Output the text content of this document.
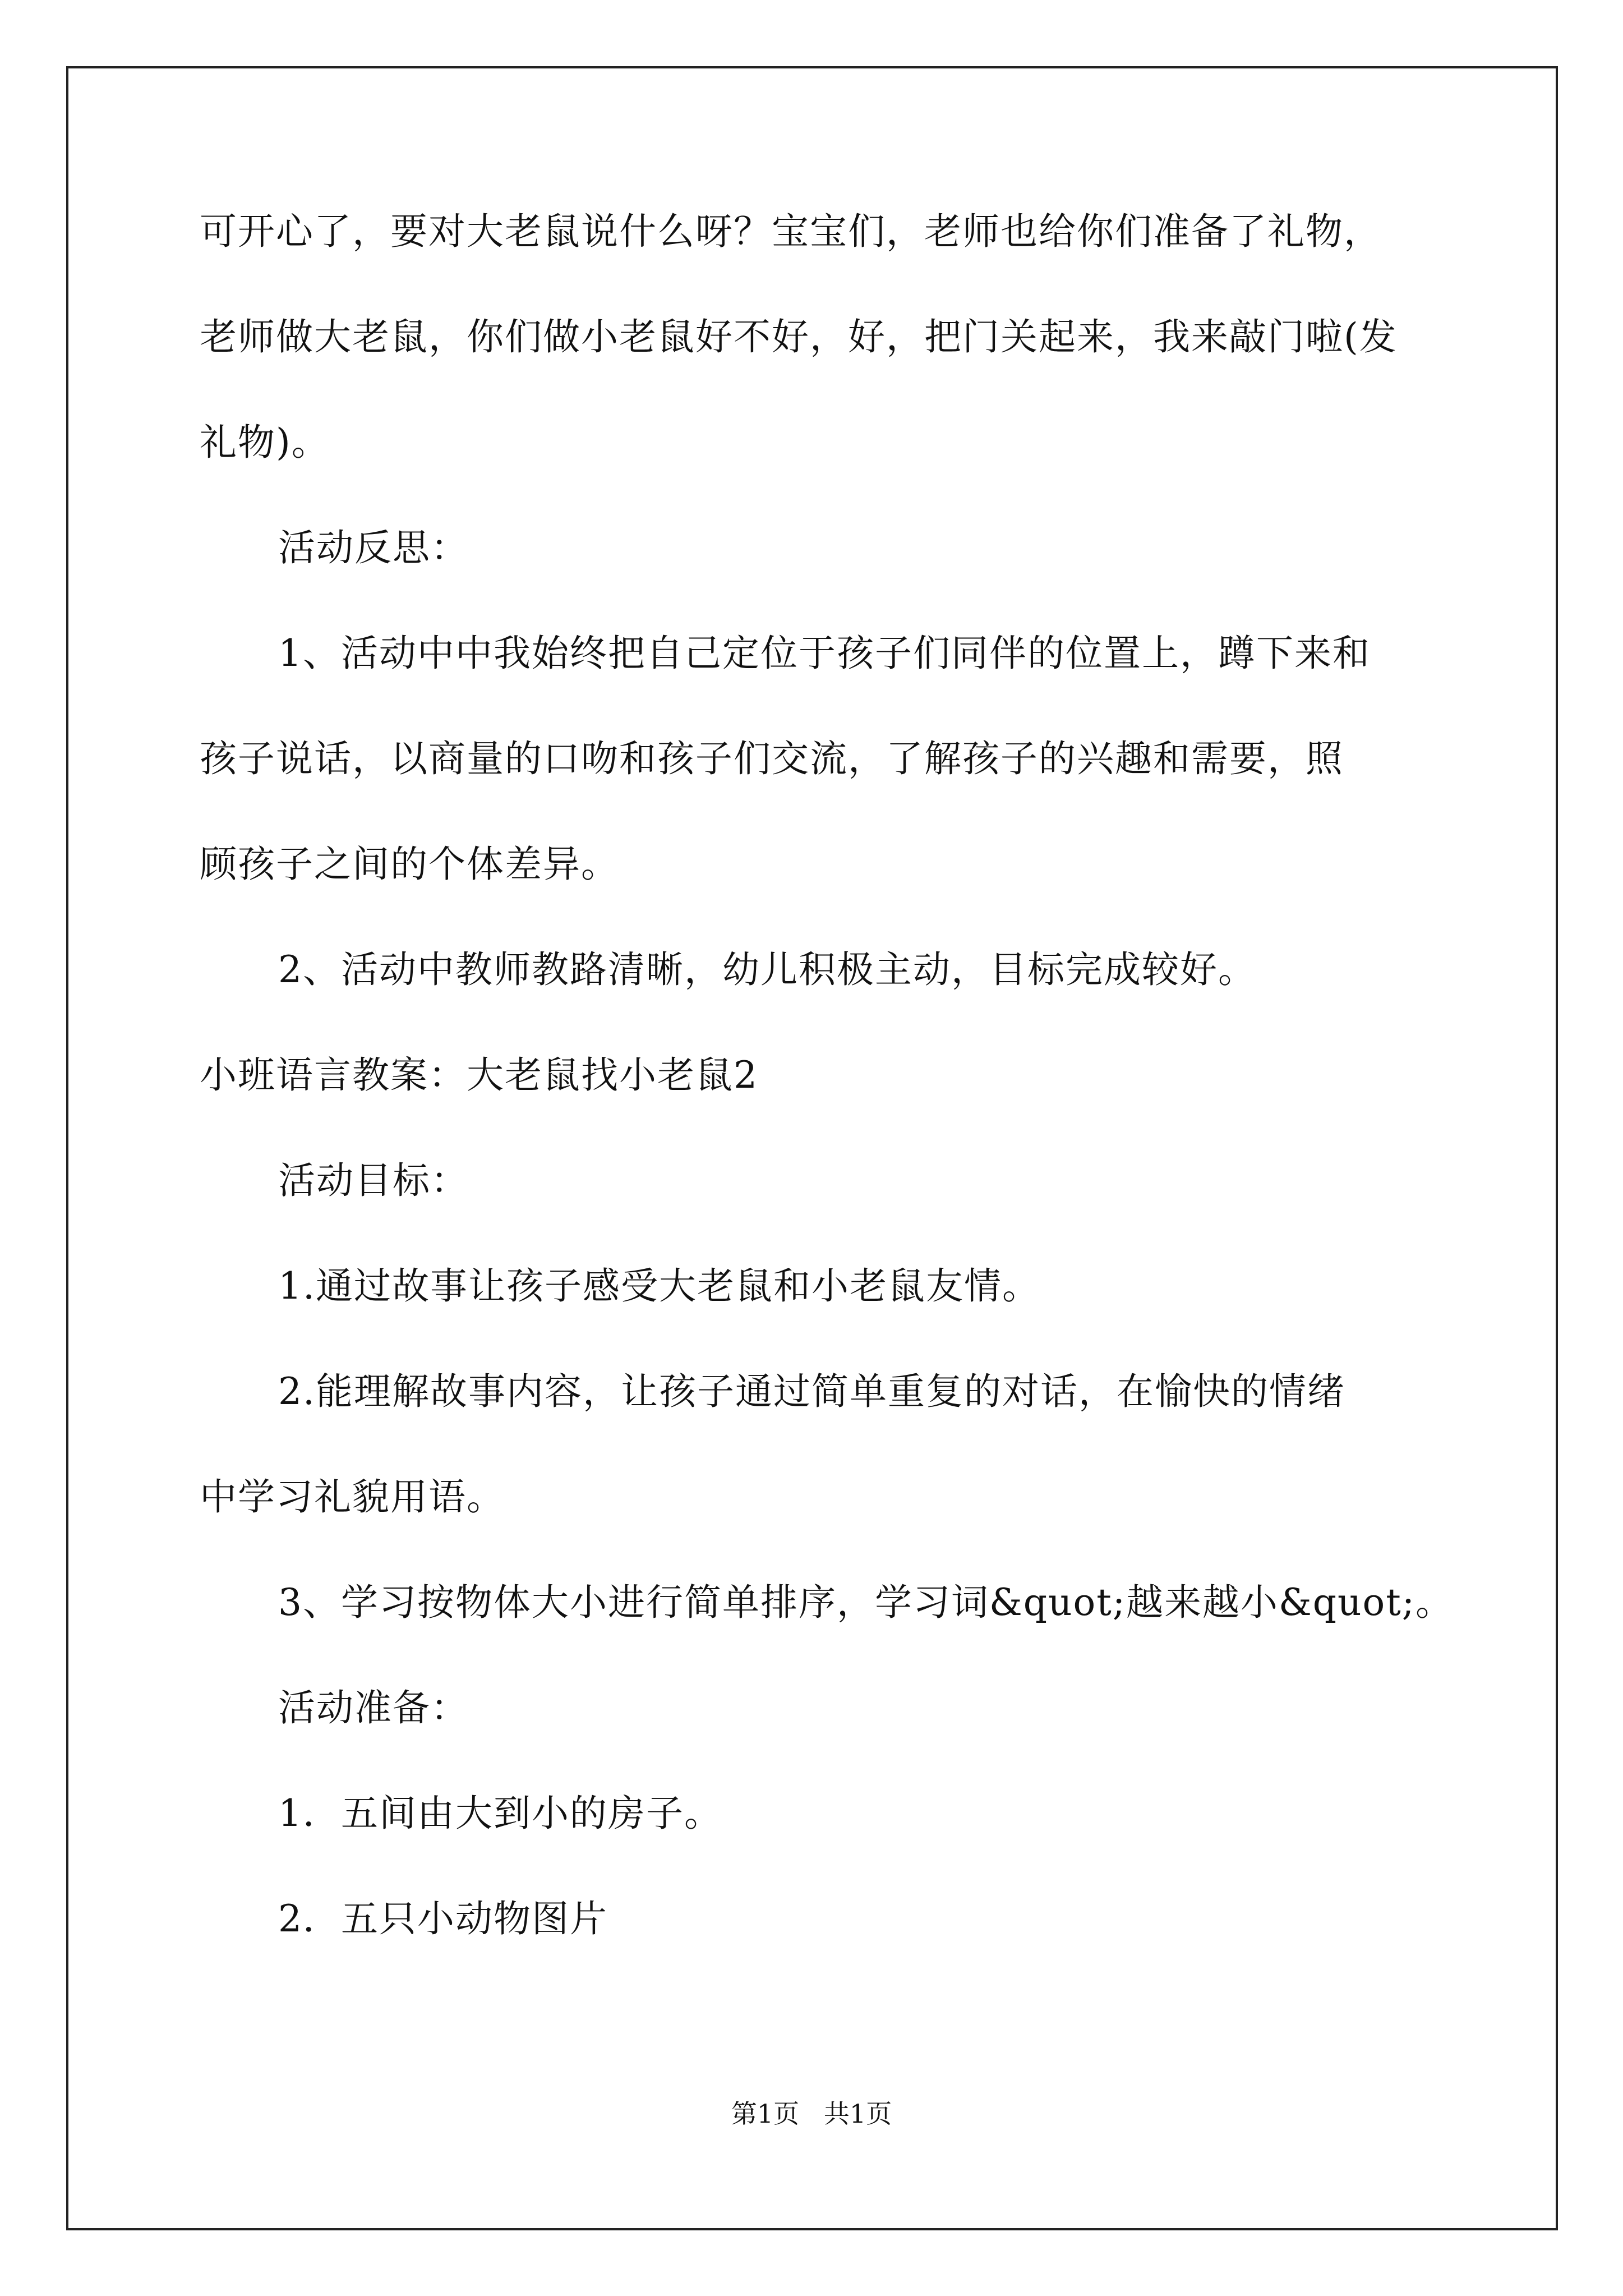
可开心了，要对大老鼠说什么呀？宝宝们，老师也给你们准备了礼物，
老师做大老鼠，你们做小老鼠好不好，好，把门关起来，我来敲门啦(发
礼物)。
活动反思：
1、活动中中我始终把自己定位于孩子们同伴的位置上，蹲下来和
孩子说话，以商量的口吻和孩子们交流，了解孩子的兴趣和需要，照
顾孩子之间的个体差异。
2、活动中教师教路清晰，幼儿积极主动，目标完成较好。
小班语言教案：大老鼠找小老鼠2
活动目标：
1.通过故事让孩子感受大老鼠和小老鼠友情。
2.能理解故事内容，让孩子通过简单重复的对话，在愉快的情绪
中学习礼貌用语。
3、学习按物体大小进行简单排序，学习词&quot;越来越小&quot;。
活动准备：
1．五间由大到小的房子。
2．五只小动物图片
第1页   共1页
